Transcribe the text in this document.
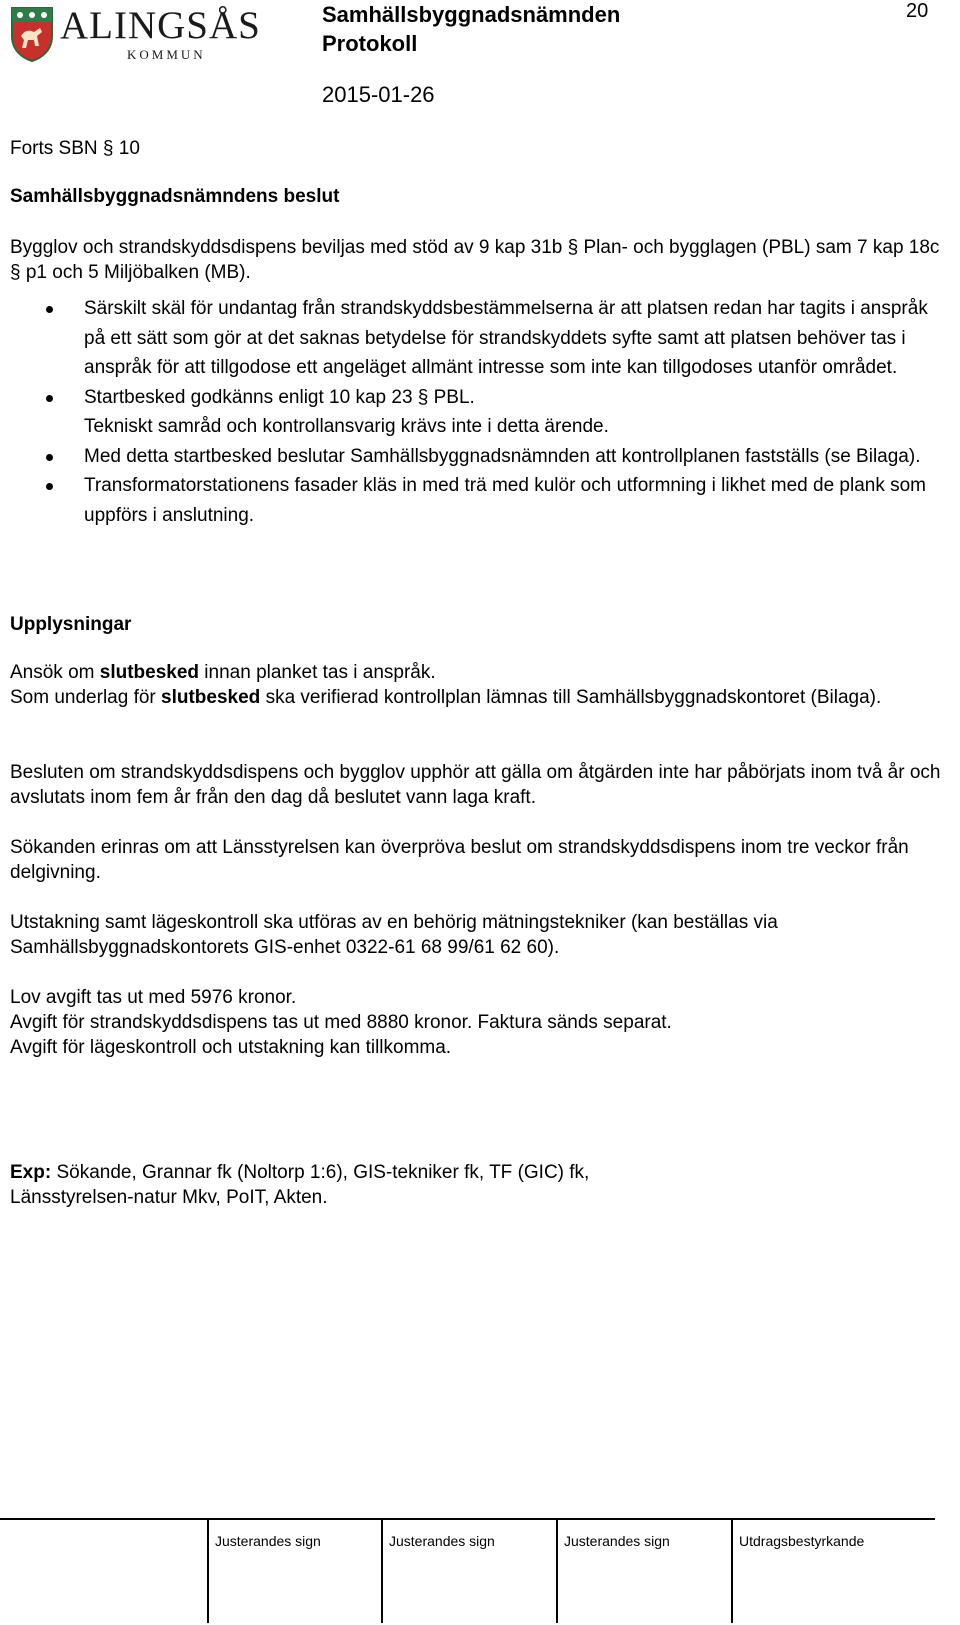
ALINGSÅS
KOMMUN
Samhällsbyggnadsnämnden
Protokoll
2015-01-26
20
Forts SBN § 10
Samhällsbyggnadsnämndens beslut
Bygglov och strandskyddsdispens beviljas med stöd av 9 kap 31b § Plan- och bygglagen (PBL) sam 7 kap 18c § p1 och 5 Miljöbalken (MB).
Särskilt skäl för undantag från strandskyddsbestämmelserna är att platsen redan har tagits i anspråk på ett sätt som gör at det saknas betydelse för strandskyddets syfte samt att platsen behöver tas i anspråk för att tillgodose ett angeläget allmänt intresse som inte kan tillgodoses utanför området.
Startbesked godkänns enligt 10 kap 23 § PBL.
Tekniskt samråd och kontrollansvarig krävs inte i detta ärende.
Med detta startbesked beslutar Samhällsbyggnadsnämnden att kontrollplanen fastställs (se Bilaga).
Transformatorstationens fasader kläs in med trä med kulör och utformning i likhet med de plank som uppförs i anslutning.
Upplysningar
Ansök om slutbesked innan planket tas i anspråk.
Som underlag för slutbesked ska verifierad kontrollplan lämnas till Samhällsbyggnadskontoret (Bilaga).
Besluten om strandskyddsdispens och bygglov upphör att gälla om åtgärden inte har påbörjats inom två år och avslutats inom fem år från den dag då beslutet vann laga kraft.
Sökanden erinras om att Länsstyrelsen kan överpröva beslut om strandskyddsdispens inom tre veckor från delgivning.
Utstakning samt lägeskontroll ska utföras av en behörig mätningstekniker (kan beställas via Samhällsbyggnadskontorets GIS-enhet 0322-61 68 99/61 62 60).
Lov avgift tas ut med 5976 kronor.
Avgift för strandskyddsdispens tas ut med 8880 kronor. Faktura sänds separat.
Avgift för lägeskontroll och utstakning kan tillkomma.
Exp: Sökande, Grannar fk (Noltorp 1:6), GIS-tekniker fk, TF (GIC) fk, Länsstyrelsen-natur Mkv, PoIT, Akten.
Justerandes sign	Justerandes sign	Justerandes sign	Utdragsbestyrkande
